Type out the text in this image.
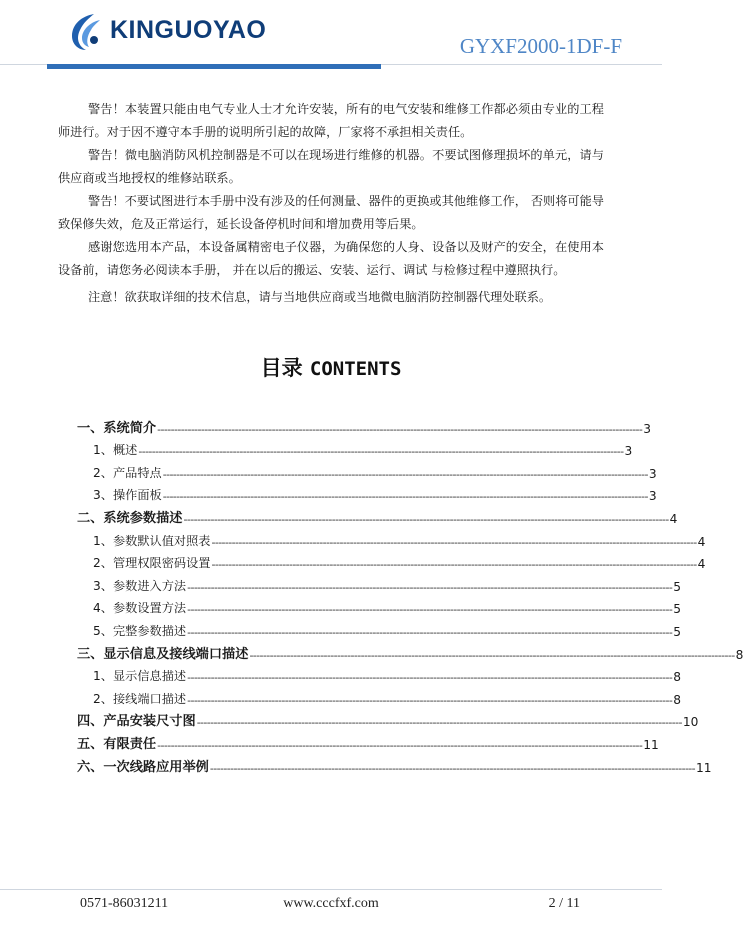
KINGUOYAO
GYXF2000-1DF-F

警告！本装置只能由电气专业人士才允许安装，所有的电气安装和维修工作都必须由专业的工程师进行。对于因不遵守本手册的说明所引起的故障，厂家将不承担相关责任。

警告！微电脑消防风机控制器是不可以在现场进行维修的机器。不要试图修理损坏的单元，请与供应商或当地授权的维修站联系。

警告！不要试图进行本手册中没有涉及的任何测量、器件的更换或其他维修工作， 否则将可能导致保修失效，危及正常运行，延长设备停机时间和增加费用等后果。

感谢您选用本产品，本设备属精密电子仪器，为确保您的人身、设备以及财产的安全，在使用本设备前，请您务必阅读本手册， 并在以后的搬运、安装、运行、调试 与检修过程中遵照执行。

注意！欲获取详细的技术信息，请与当地供应商或当地微电脑消防控制器代理处联系。

目录 CONTENTS
一、系统简介 ------------------------------------------------------------------------------------------------------------------------------------------------ 3
1、概述 ------------------------------------------------------------------------------------------------------------------------------------------------ 3
2、产品特点 ------------------------------------------------------------------------------------------------------------------------------------------------ 3
3、操作面板 ------------------------------------------------------------------------------------------------------------------------------------------------ 3
二、系统参数描述 ------------------------------------------------------------------------------------------------------------------------------------------------ 4
1、参数默认值对照表 ------------------------------------------------------------------------------------------------------------------------------------------------ 4
2、管理权限密码设置 ------------------------------------------------------------------------------------------------------------------------------------------------ 4
3、参数进入方法 ------------------------------------------------------------------------------------------------------------------------------------------------ 5
4、参数设置方法 ------------------------------------------------------------------------------------------------------------------------------------------------ 5
5、完整参数描述 ------------------------------------------------------------------------------------------------------------------------------------------------ 5
三、显示信息及接线端口描述 ------------------------------------------------------------------------------------------------------------------------------------------------ 8
1、显示信息描述 ------------------------------------------------------------------------------------------------------------------------------------------------ 8
2、接线端口描述 ------------------------------------------------------------------------------------------------------------------------------------------------ 8
四、产品安装尺寸图 ------------------------------------------------------------------------------------------------------------------------------------------------ 10
五、有限责任 ------------------------------------------------------------------------------------------------------------------------------------------------ 11
六、一次线路应用举例 ------------------------------------------------------------------------------------------------------------------------------------------------ 11
0571-86031211	www.cccfxf.com	2 / 11
